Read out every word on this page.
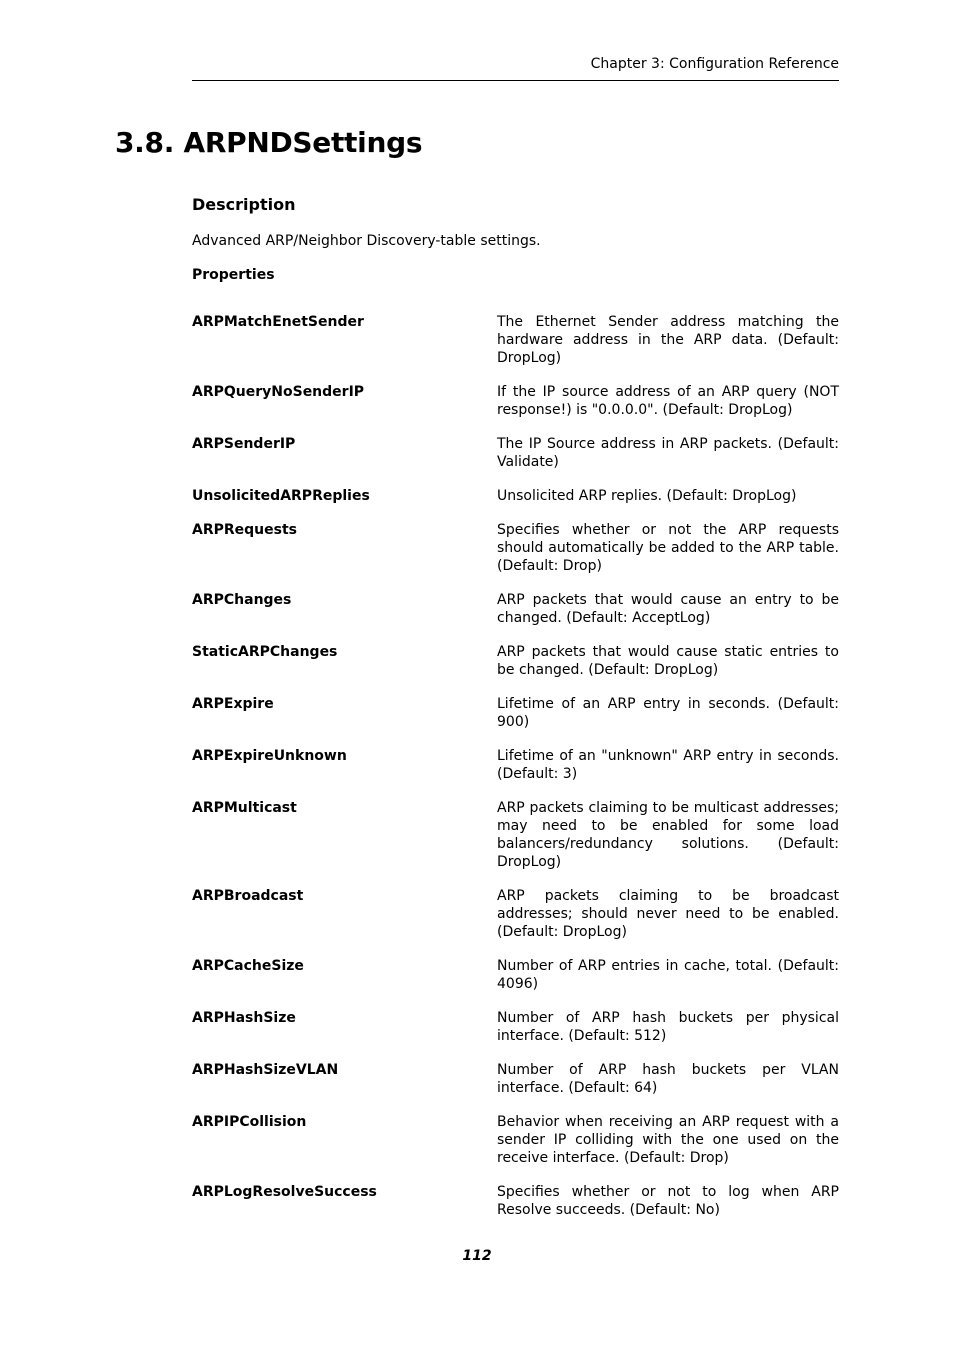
Chapter 3: Configuration Reference
3.8. ARPNDSettings
Description

Advanced ARP/Neighbor Discovery-table settings.

Properties
ARPMatchEnetSender	The Ethernet Sender address matching the hardware address in the ARP data. (Default: DropLog)
ARPQueryNoSenderIP	If the IP source address of an ARP query (NOT response!) is "0.0.0.0". (Default: DropLog)
ARPSenderIP	The IP Source address in ARP packets. (Default: Validate)
UnsolicitedARPReplies	Unsolicited ARP replies. (Default: DropLog)
ARPRequests	Specifies whether or not the ARP requests should automatically be added to the ARP table. (Default: Drop)
ARPChanges	ARP packets that would cause an entry to be changed. (Default: AcceptLog)
StaticARPChanges	ARP packets that would cause static entries to be changed. (Default: DropLog)
ARPExpire	Lifetime of an ARP entry in seconds. (Default: 900)
ARPExpireUnknown	Lifetime of an "unknown" ARP entry in seconds. (Default: 3)
ARPMulticast	ARP packets claiming to be multicast addresses; may need to be enabled for some load balancers/redundancy solutions. (Default: DropLog)
ARPBroadcast	ARP packets claiming to be broadcast addresses; should never need to be enabled. (Default: DropLog)
ARPCacheSize	Number of ARP entries in cache, total. (Default: 4096)
ARPHashSize	Number of ARP hash buckets per physical interface. (Default: 512)
ARPHashSizeVLAN	Number of ARP hash buckets per VLAN interface. (Default: 64)
ARPIPCollision	Behavior when receiving an ARP request with a sender IP colliding with the one used on the receive interface. (Default: Drop)
ARPLogResolveSuccess	Specifies whether or not to log when ARP Resolve succeeds. (Default: No)
112
